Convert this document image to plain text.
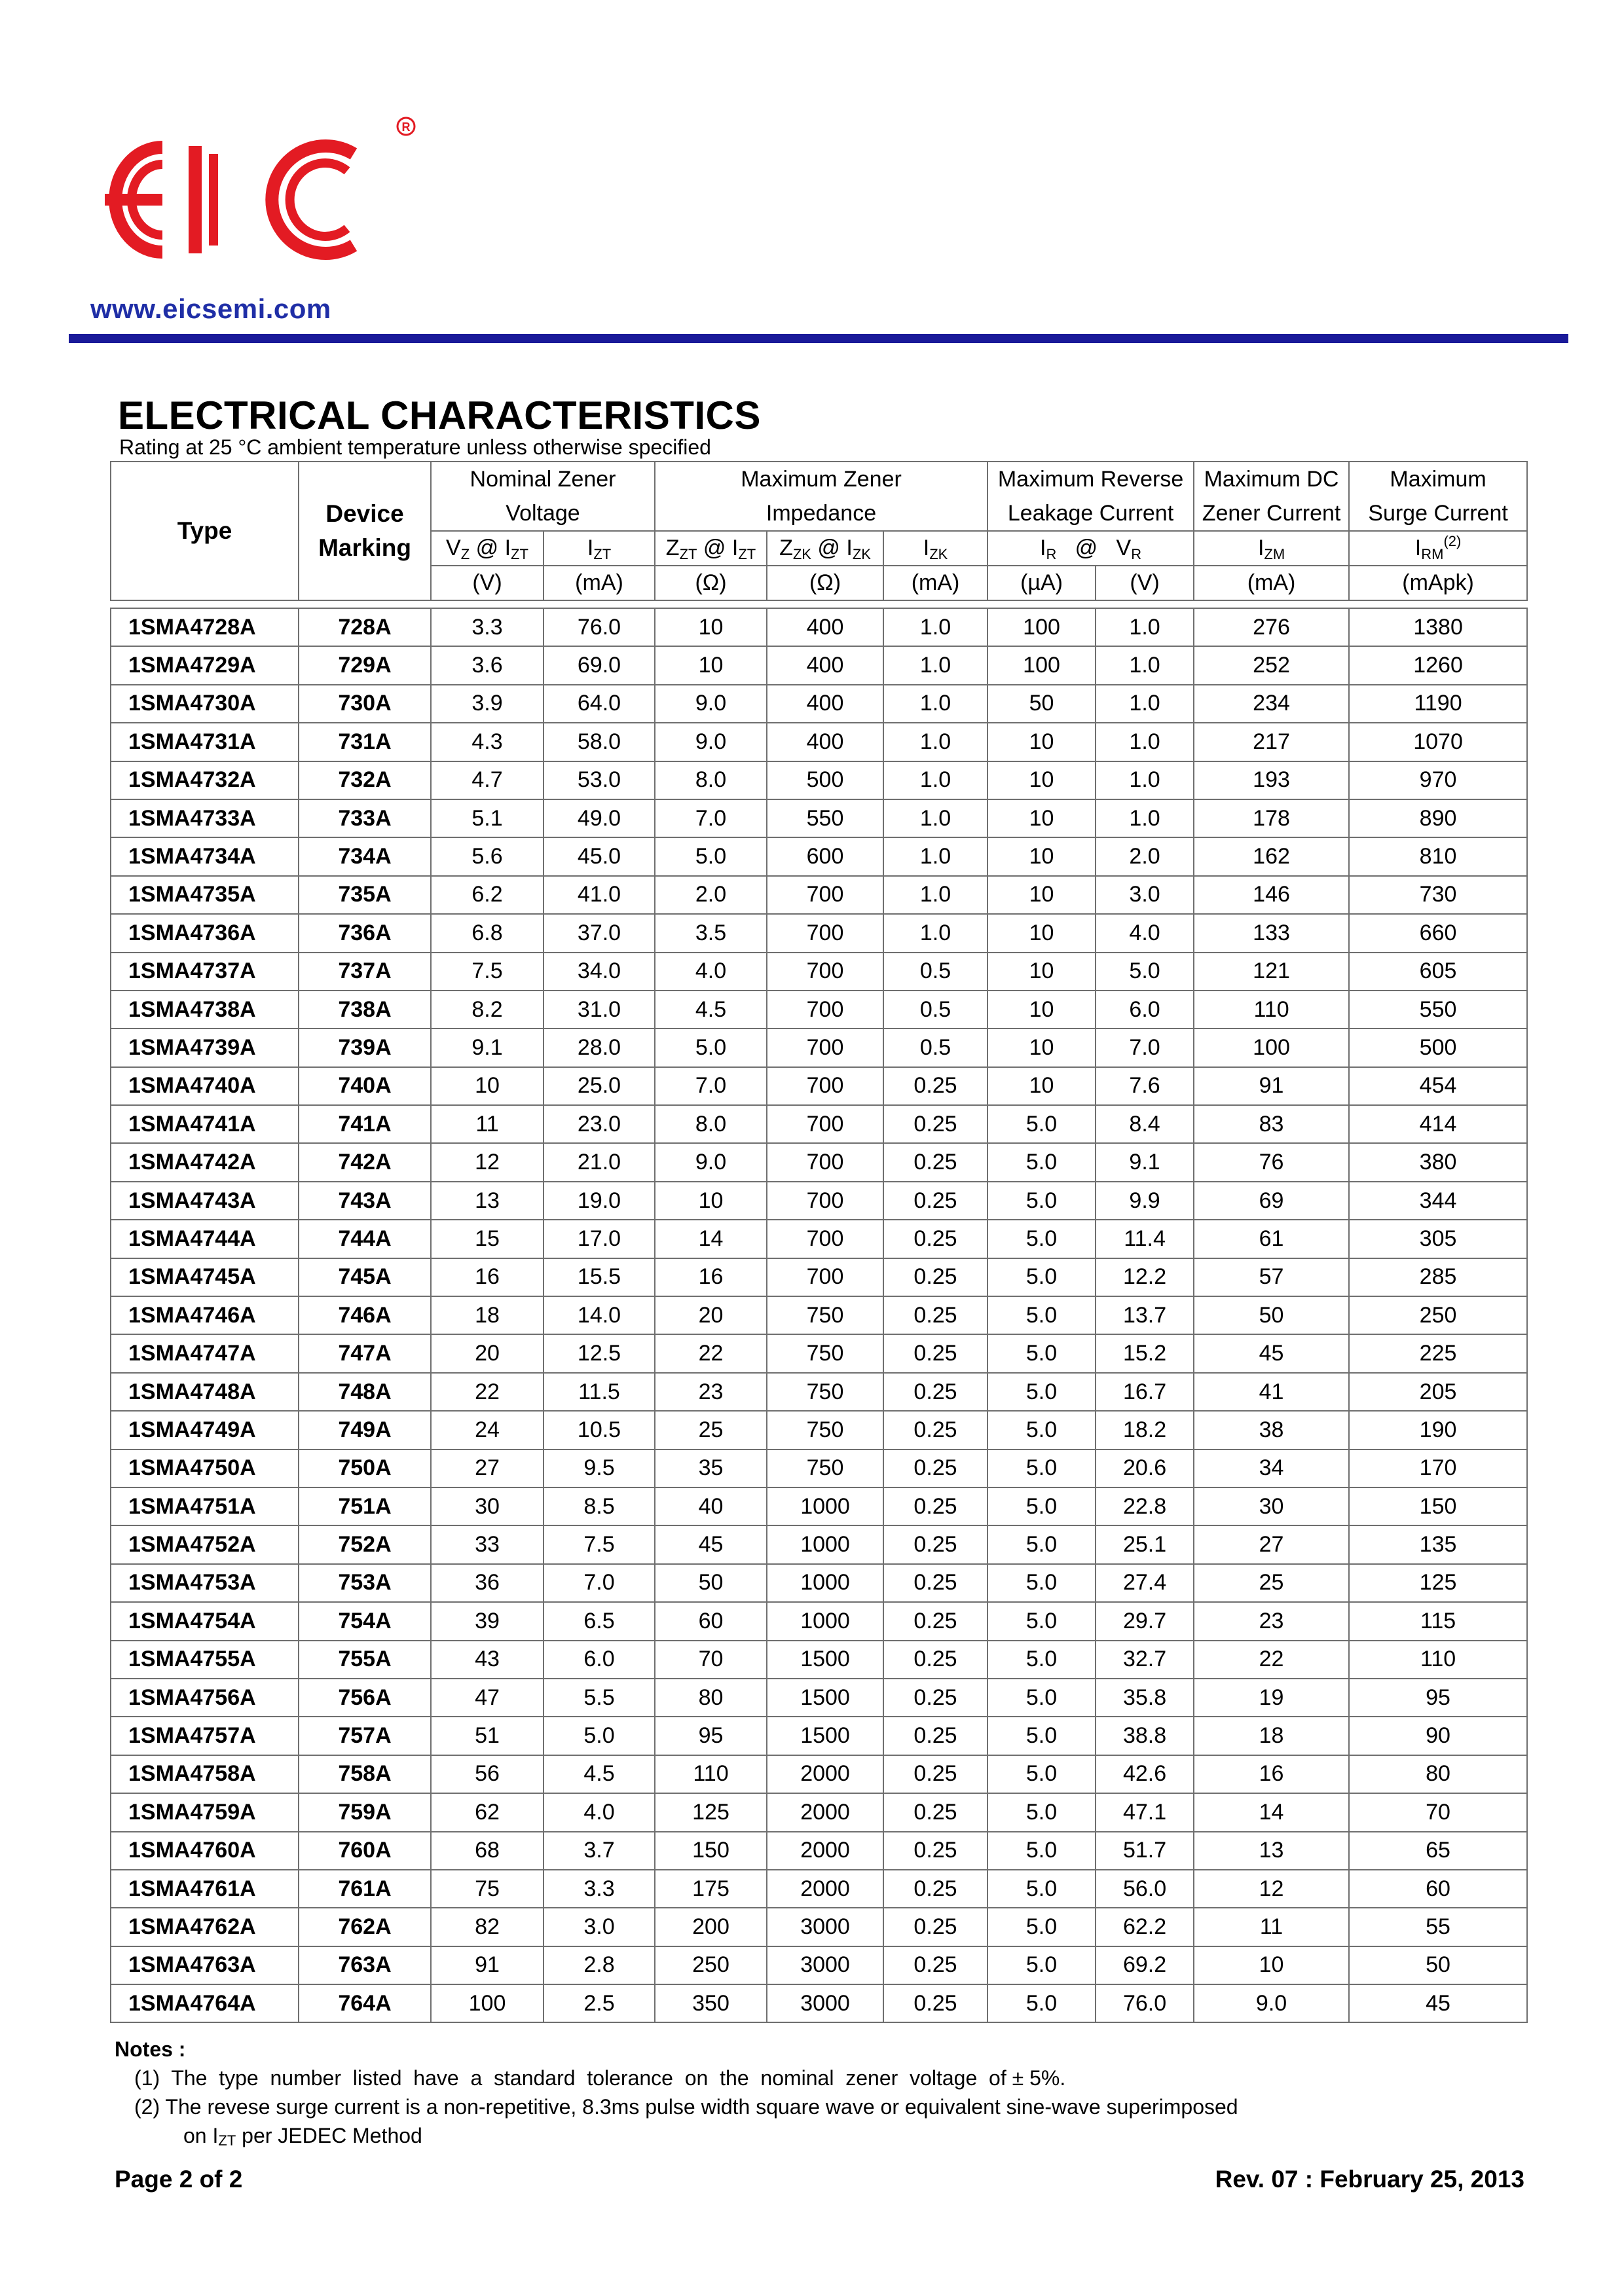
R
www.eicsemi.com
ELECTRICAL CHARACTERISTICS
Rating at 25 °C ambient temperature unless otherwise specified
Type	Device
Marking	Nominal Zener		Maximum Zener			Maximum Reverse		Maximum DC	Maximum
		Voltage		Impedance			Leakage Current		Zener Current	Surge Current
		$V_Z$ @ $I_{ZT}$	$I_{ZT}$	$Z_{ZT}$ @ $I_{ZT}$	$Z_{ZK}$ @ $I_{ZK}$	$I_{ZK}$	$I_R$   @   $V_R$		$I_{ZM}$	$I_{RM}^{(2)}$
		(V)	(mA)	(Ω)	(Ω)	(mA)	(µA)	(V)	(mA)	(mApk)

1SMA4728A	728A	3.3	76.0	10	400	1.0	100	1.0	276	1380
1SMA4729A	729A	3.6	69.0	10	400	1.0	100	1.0	252	1260
1SMA4730A	730A	3.9	64.0	9.0	400	1.0	50	1.0	234	1190
1SMA4731A	731A	4.3	58.0	9.0	400	1.0	10	1.0	217	1070
1SMA4732A	732A	4.7	53.0	8.0	500	1.0	10	1.0	193	970
1SMA4733A	733A	5.1	49.0	7.0	550	1.0	10	1.0	178	890
1SMA4734A	734A	5.6	45.0	5.0	600	1.0	10	2.0	162	810
1SMA4735A	735A	6.2	41.0	2.0	700	1.0	10	3.0	146	730
1SMA4736A	736A	6.8	37.0	3.5	700	1.0	10	4.0	133	660
1SMA4737A	737A	7.5	34.0	4.0	700	0.5	10	5.0	121	605
1SMA4738A	738A	8.2	31.0	4.5	700	0.5	10	6.0	110	550
1SMA4739A	739A	9.1	28.0	5.0	700	0.5	10	7.0	100	500
1SMA4740A	740A	10	25.0	7.0	700	0.25	10	7.6	91	454
1SMA4741A	741A	11	23.0	8.0	700	0.25	5.0	8.4	83	414
1SMA4742A	742A	12	21.0	9.0	700	0.25	5.0	9.1	76	380
1SMA4743A	743A	13	19.0	10	700	0.25	5.0	9.9	69	344
1SMA4744A	744A	15	17.0	14	700	0.25	5.0	11.4	61	305
1SMA4745A	745A	16	15.5	16	700	0.25	5.0	12.2	57	285
1SMA4746A	746A	18	14.0	20	750	0.25	5.0	13.7	50	250
1SMA4747A	747A	20	12.5	22	750	0.25	5.0	15.2	45	225
1SMA4748A	748A	22	11.5	23	750	0.25	5.0	16.7	41	205
1SMA4749A	749A	24	10.5	25	750	0.25	5.0	18.2	38	190
1SMA4750A	750A	27	9.5	35	750	0.25	5.0	20.6	34	170
1SMA4751A	751A	30	8.5	40	1000	0.25	5.0	22.8	30	150
1SMA4752A	752A	33	7.5	45	1000	0.25	5.0	25.1	27	135
1SMA4753A	753A	36	7.0	50	1000	0.25	5.0	27.4	25	125
1SMA4754A	754A	39	6.5	60	1000	0.25	5.0	29.7	23	115
1SMA4755A	755A	43	6.0	70	1500	0.25	5.0	32.7	22	110
1SMA4756A	756A	47	5.5	80	1500	0.25	5.0	35.8	19	95
1SMA4757A	757A	51	5.0	95	1500	0.25	5.0	38.8	18	90
1SMA4758A	758A	56	4.5	110	2000	0.25	5.0	42.6	16	80
1SMA4759A	759A	62	4.0	125	2000	0.25	5.0	47.1	14	70
1SMA4760A	760A	68	3.7	150	2000	0.25	5.0	51.7	13	65
1SMA4761A	761A	75	3.3	175	2000	0.25	5.0	56.0	12	60
1SMA4762A	762A	82	3.0	200	3000	0.25	5.0	62.2	11	55
1SMA4763A	763A	91	2.8	250	3000	0.25	5.0	69.2	10	50
1SMA4764A	764A	100	2.5	350	3000	0.25	5.0	76.0	9.0	45
Notes :
(1)  The  type  number  listed  have  a  standard  tolerance  on  the  nominal  zener  voltage  of ± 5%.
(2) The revese surge current is a non-repetitive, 8.3ms pulse width square wave or equivalent sine-wave superimposed
on IZT per JEDEC Method
Page 2 of 2	Rev. 07 : February 25, 2013
